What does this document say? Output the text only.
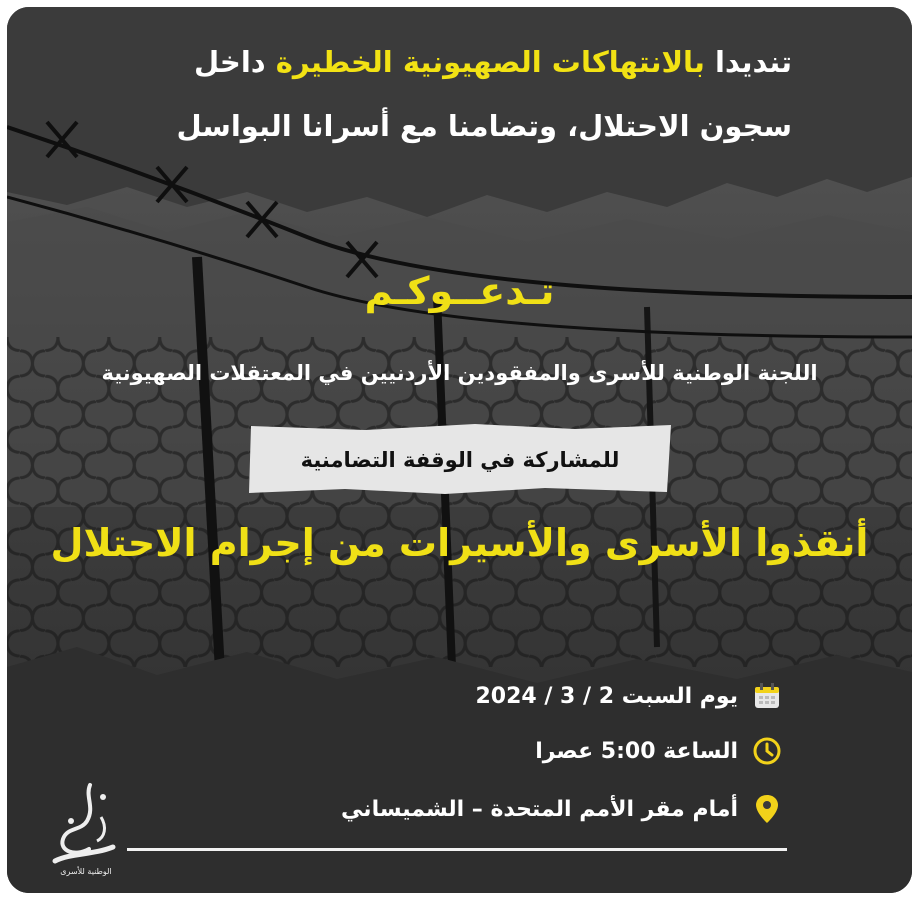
تنديدا بالانتهاكات الصهيونية الخطيرة داخل
سجون الاحتلال، وتضامنا مع أسرانا البواسل
تـدعــوكـم
اللجنة الوطنية للأسرى والمفقودين الأردنيين في المعتقلات الصهيونية
للمشاركة في الوقفة التضامنية
أنقذوا الأسرى والأسيرات من إجرام الاحتلال
يوم السبت 2 / 3 / 2024
الساعة 5:00 عصرا
أمام مقر الأمم المتحدة – الشميساني
الوطنية للأسرى
